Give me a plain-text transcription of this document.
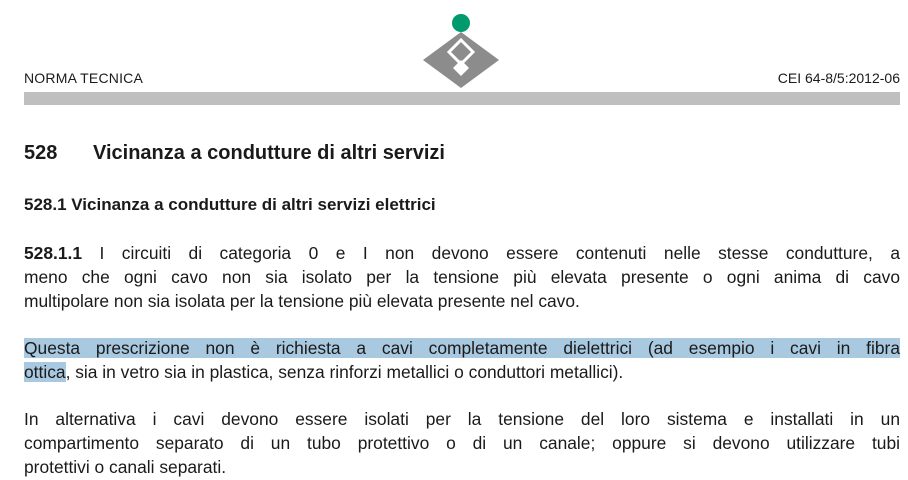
NORMA TECNICA	CEI 64-8/5:2012-06
528 Vicinanza a condutture di altri servizi
528.1 Vicinanza a condutture di altri servizi elettrici

528.1.1 I circuiti di categoria 0 e I non devono essere contenuti nelle stesse condutture, a
meno che ogni cavo non sia isolato per la tensione più elevata presente o ogni anima di cavo
multipolare non sia isolata per la tensione più elevata presente nel cavo.

Questa prescrizione non è richiesta a cavi completamente dielettrici (ad esempio i cavi in fibra
ottica, sia in vetro sia in plastica, senza rinforzi metallici o conduttori metallici).

In alternativa i cavi devono essere isolati per la tensione del loro sistema e installati in un
compartimento separato di un tubo protettivo o di un canale; oppure si devono utilizzare tubi
protettivi o canali separati.
